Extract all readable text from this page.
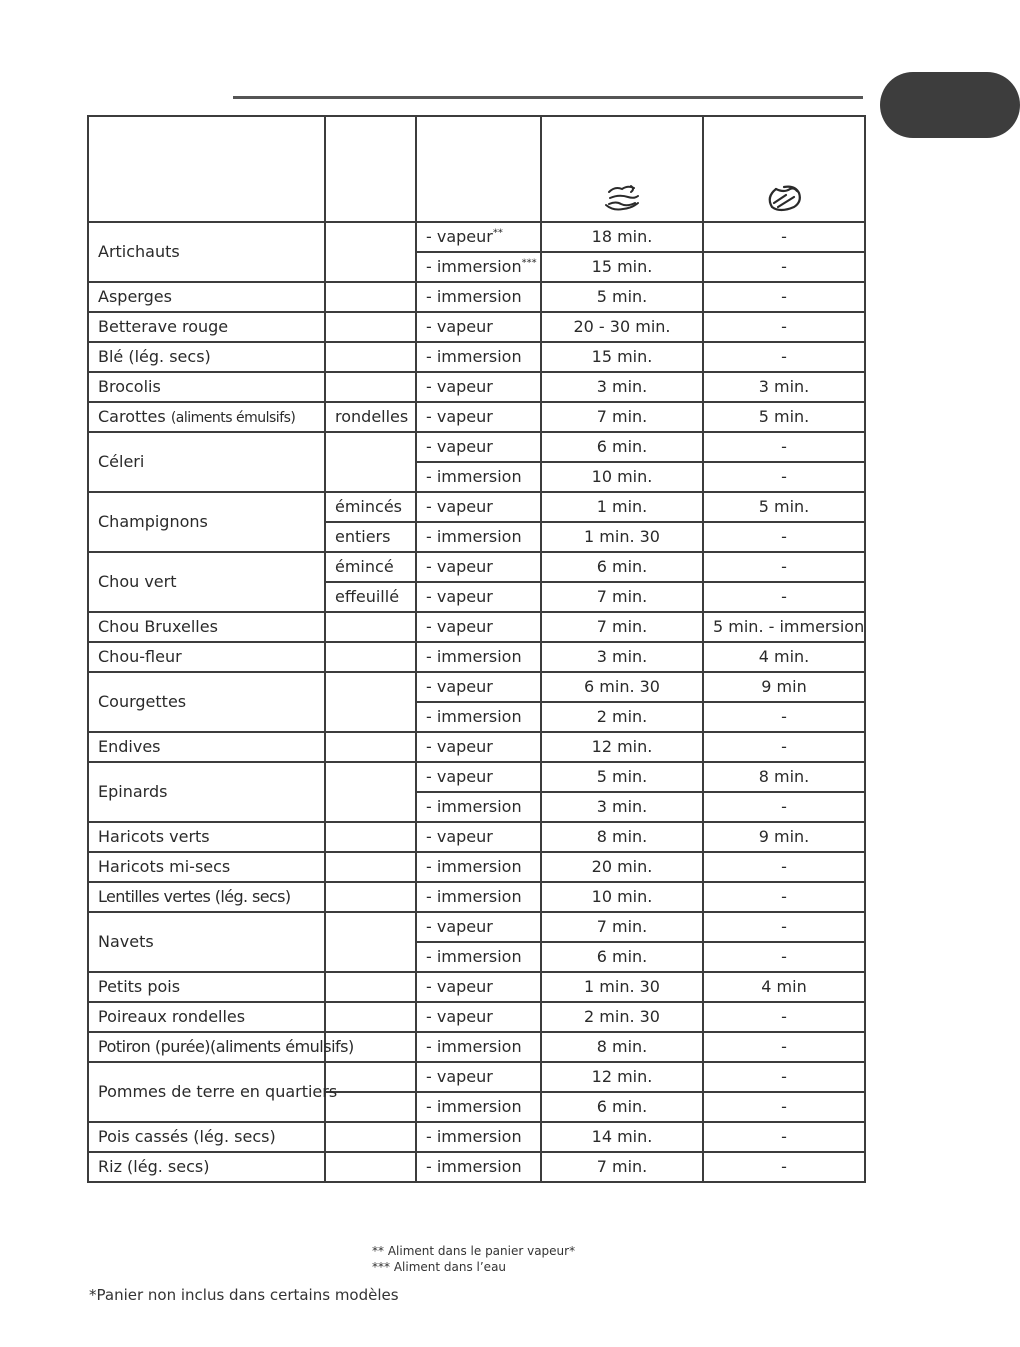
Artichauts		- vapeur**	18 min.	-
		- immersion***	15 min.	-
Asperges		- immersion	5 min.	-
Betterave rouge		- vapeur	20 - 30 min.	-
Blé (lég. secs)		- immersion	15 min.	-
Brocolis		- vapeur	3 min.	3 min.
Carottes (aliments émulsifs)	rondelles	- vapeur	7 min.	5 min.
Céleri		- vapeur	6 min.	-
		- immersion	10 min.	-
Champignons	émincés	- vapeur	1 min.	5 min.
	entiers	- immersion	1 min. 30	-
Chou vert	émincé	- vapeur	6 min.	-
	effeuillé	- vapeur	7 min.	-
Chou Bruxelles		- vapeur	7 min.	5 min. - immersion
Chou-fleur		- immersion	3 min.	4 min.
Courgettes		- vapeur	6 min. 30	9 min
		- immersion	2 min.	-
Endives		- vapeur	12 min.	-
Epinards		- vapeur	5 min.	8 min.
		- immersion	3 min.	-
Haricots verts		- vapeur	8 min.	9 min.
Haricots mi-secs		- immersion	20 min.	-
Lentilles vertes (lég. secs)		- immersion	10 min.	-
Navets		- vapeur	7 min.	-
		- immersion	6 min.	-
Petits pois		- vapeur	1 min. 30	4 min
Poireaux rondelles		- vapeur	2 min. 30	-
Potiron (purée)(aliments émulsifs)		- immersion	8 min.	-
Pommes de terre en quartiers		- vapeur	12 min.	-
		- immersion	6 min.	-
Pois cassés (lég. secs)		- immersion	14 min.	-
Riz (lég. secs)		- immersion	7 min.	-
** Aliment dans le panier vapeur*
*** Aliment dans l’eau
*Panier non inclus dans certains modèles
